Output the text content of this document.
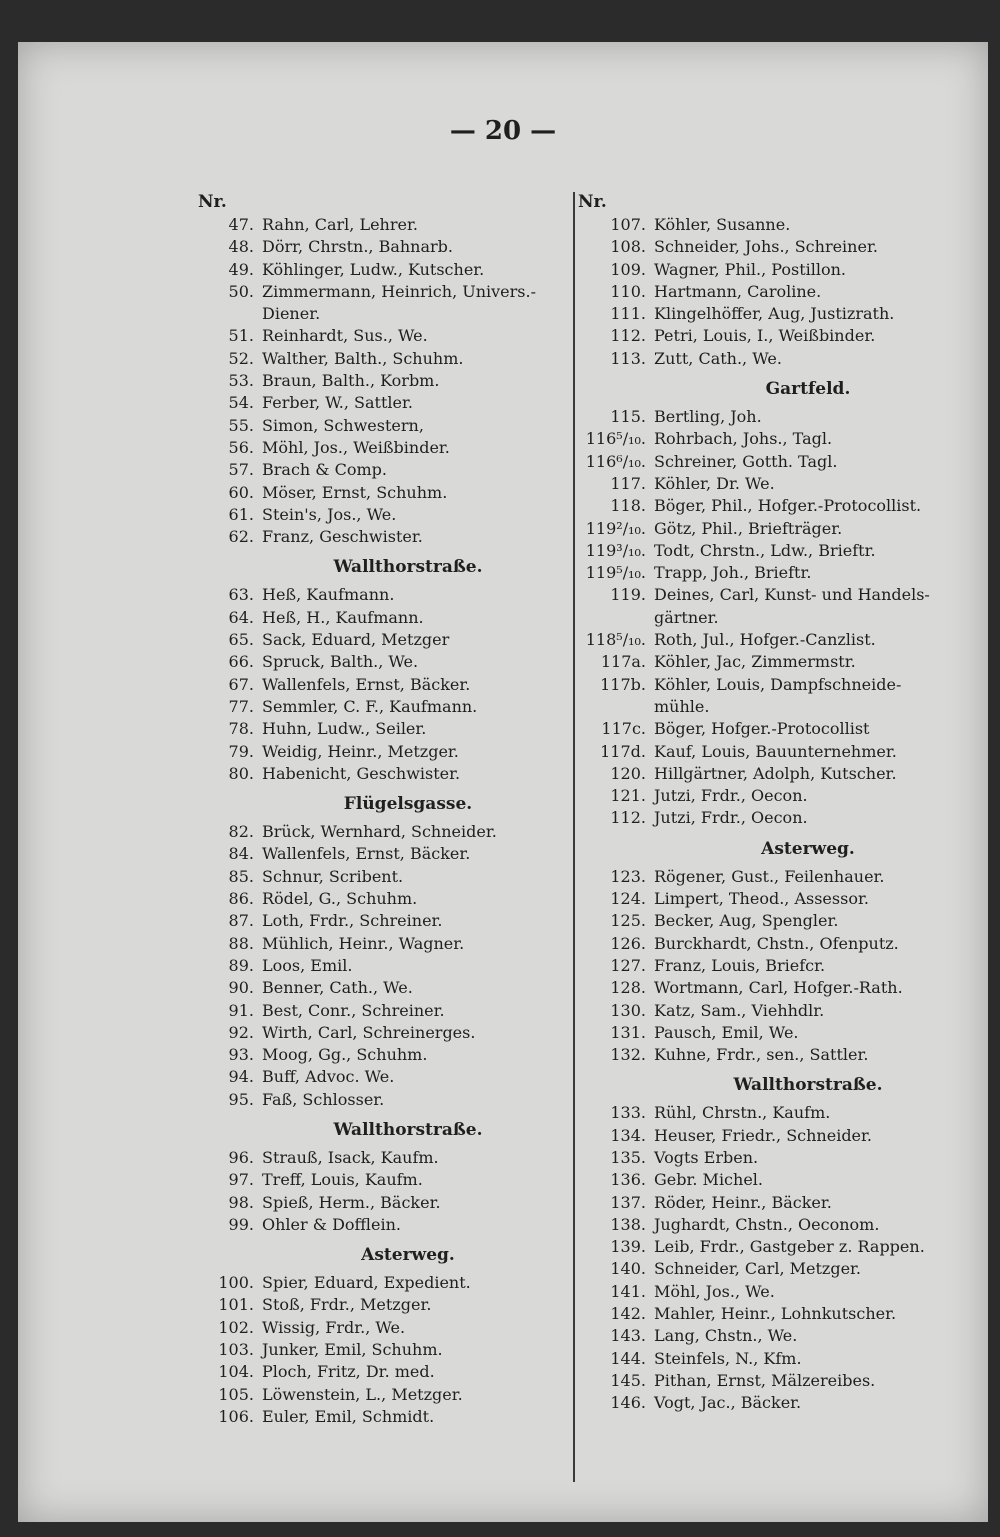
— 20 —
Nr.
47. Rahn, Carl, Lehrer.
48. Dörr, Chrstn., Bahnarb.
49. Köhlinger, Ludw., Kutscher.
50. Zimmermann, Heinrich, Univers.-
Diener.
51. Reinhardt, Sus., We.
52. Walther, Balth., Schuhm.
53. Braun, Balth., Korbm.
54. Ferber, W., Sattler.
55. Simon, Schwestern,
56. Möhl, Jos., Weißbinder.
57. Brach & Comp.
60. Möser, Ernst, Schuhm.
61. Stein's, Jos., We.
62. Franz, Geschwister.
Wallthorstraße.
63. Heß, Kaufmann.
64. Heß, H., Kaufmann.
65. Sack, Eduard, Metzger
66. Spruck, Balth., We.
67. Wallenfels, Ernst, Bäcker.
77. Semmler, C. F., Kaufmann.
78. Huhn, Ludw., Seiler.
79. Weidig, Heinr., Metzger.
80. Habenicht, Geschwister.
Flügelsgasse.
82. Brück, Wernhard, Schneider.
84. Wallenfels, Ernst, Bäcker.
85. Schnur, Scribent.
86. Rödel, G., Schuhm.
87. Loth, Frdr., Schreiner.
88. Mühlich, Heinr., Wagner.
89. Loos, Emil.
90. Benner, Cath., We.
91. Best, Conr., Schreiner.
92. Wirth, Carl, Schreinerges.
93. Moog, Gg., Schuhm.
94. Buff, Advoc. We.
95. Faß, Schlosser.
Wallthorstraße.
96. Strauß, Isack, Kaufm.
97. Treff, Louis, Kaufm.
98. Spieß, Herm., Bäcker.
99. Ohler & Dofflein.
Asterweg.
100. Spier, Eduard, Expedient.
101. Stoß, Frdr., Metzger.
102. Wissig, Frdr., We.
103. Junker, Emil, Schuhm.
104. Ploch, Fritz, Dr. med.
105. Löwenstein, L., Metzger.
106. Euler, Emil, Schmidt.
Nr.
107. Köhler, Susanne.
108. Schneider, Johs., Schreiner.
109. Wagner, Phil., Postillon.
110. Hartmann, Caroline.
111. Klingelhöffer, Aug, Justizrath.
112. Petri, Louis, I., Weißbinder.
113. Zutt, Cath., We.
Gartfeld.
115. Bertling, Joh.
116⁵/₁₀. Rohrbach, Johs., Tagl.
116⁶/₁₀. Schreiner, Gotth. Tagl.
117. Köhler, Dr. We.
118. Böger, Phil., Hofger.-Protocollist.
119²/₁₀. Götz, Phil., Briefträger.
119³/₁₀. Todt, Chrstn., Ldw., Brieftr.
119⁵/₁₀. Trapp, Joh., Brieftr.
119. Deines, Carl, Kunst- und Handels-
gärtner.
118⁵/₁₀. Roth, Jul., Hofger.-Canzlist.
117a. Köhler, Jac, Zimmermstr.
117b. Köhler, Louis, Dampfschneide-
mühle.
117c. Böger, Hofger.-Protocollist
117d. Kauf, Louis, Bauunternehmer.
120. Hillgärtner, Adolph, Kutscher.
121. Jutzi, Frdr., Oecon.
112. Jutzi, Frdr., Oecon.
Asterweg.
123. Rögener, Gust., Feilenhauer.
124. Limpert, Theod., Assessor.
125. Becker, Aug, Spengler.
126. Burckhardt, Chstn., Ofenputz.
127. Franz, Louis, Briefcr.
128. Wortmann, Carl, Hofger.-Rath.
130. Katz, Sam., Viehhdlr.
131. Pausch, Emil, We.
132. Kuhne, Frdr., sen., Sattler.
Wallthorstraße.
133. Rühl, Chrstn., Kaufm.
134. Heuser, Friedr., Schneider.
135. Vogts Erben.
136. Gebr. Michel.
137. Röder, Heinr., Bäcker.
138. Jughardt, Chstn., Oeconom.
139. Leib, Frdr., Gastgeber z. Rappen.
140. Schneider, Carl, Metzger.
141. Möhl, Jos., We.
142. Mahler, Heinr., Lohnkutscher.
143. Lang, Chstn., We.
144. Steinfels, N., Kfm.
145. Pithan, Ernst, Mälzereibes.
146. Vogt, Jac., Bäcker.
